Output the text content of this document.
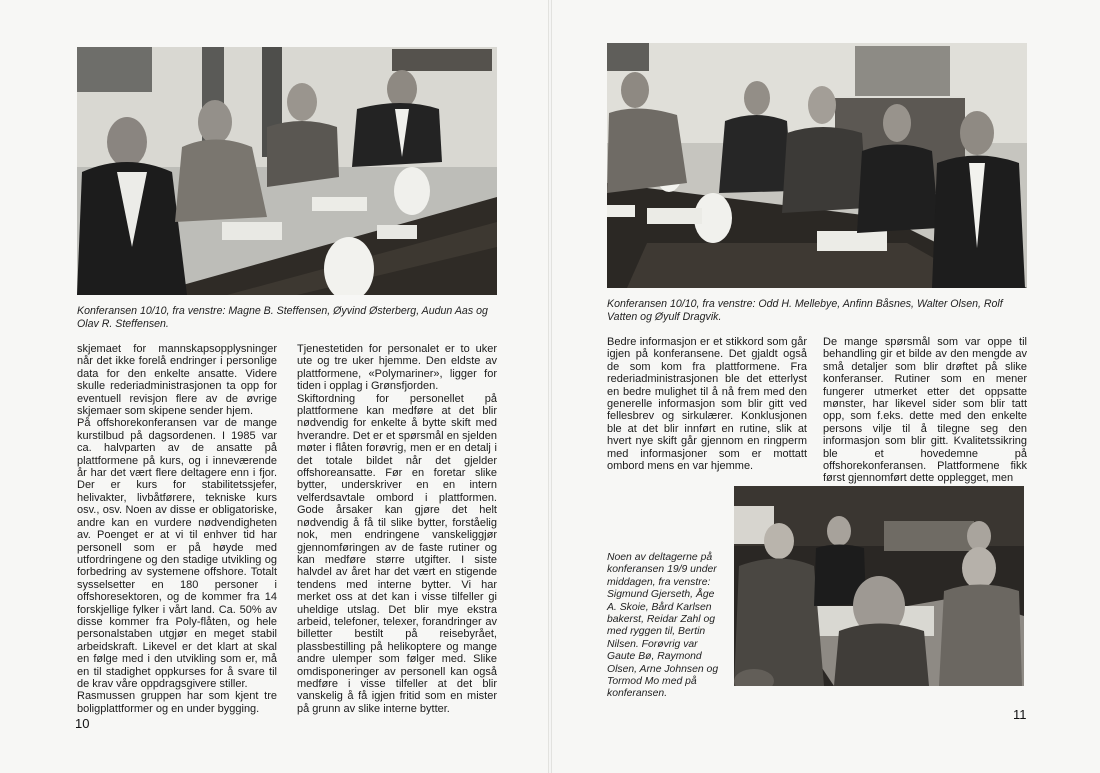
Konferansen 10/10, fra venstre: Magne B. Steffensen, Øyvind Østerberg, Audun Aas og Olav R. Steffensen.

skjemaet for mannskapsopplysninger når det ikke forelå endringer i personlige data for den enkelte ansatte. Videre skulle rederiadministrasjonen ta opp for eventuell revisjon flere av de øvrige skjemaer som skipene sender hjem.

På offshorekonferansen var de mange kurstilbud på dagsordenen. I 1985 var ca. halvparten av de ansatte på plattformene på kurs, og i inneværende år har det vært flere deltagere enn i fjor. Der er kurs for stabilitetssjefer, helivakter, livbåtførere, tekniske kurs osv., osv. Noen av disse er obligatoriske, andre kan en vurdere nødvendigheten av. Poenget er at vi til enhver tid har personell som er på høyde med utfordringene og den stadige utvikling og forbedring av systemene offshore. Totalt sysselsetter en 180 personer i offshoresektoren, og de kommer fra 14 forskjellige fylker i vårt land. Ca. 50% av disse kommer fra Poly-flåten, og hele personalstaben utgjør en meget stabil arbeidskraft. Likevel er det klart at skal en følge med i den utvikling som er, må en til stadighet oppkurses for å svare til de krav våre oppdragsgivere stiller.

Rasmussen gruppen har som kjent tre boligplattformer og en under bygging.

Tjenestetiden for personalet er to uker ute og tre uker hjemme. Den eldste av plattformene, «Polymariner», ligger for tiden i opplag i Grønsfjorden.

Skiftordning for personellet på plattformene kan medføre at det blir nødvendig for enkelte å bytte skift med hverandre. Det er et spørsmål en sjelden møter i flåten forøvrig, men er en detalj i det totale bildet når det gjelder offshoreansatte. Før en foretar slike bytter, underskriver en en intern velferdsavtale ombord i plattformen. Gode årsaker kan gjøre det helt nødvendig å få til slike bytter, forståelig nok, men endringene vanskeliggjør gjennomføringen av de faste rutiner og kan medføre større utgifter. I siste halvdel av året har det vært en stigende tendens med interne bytter. Vi har merket oss at det kan i visse tilfeller gi uheldige utslag. Det blir mye ekstra arbeid, telefoner, telexer, forandringer av billetter bestilt på reisebyrået, plassbestilling på helikoptere og mange andre ulemper som følger med. Slike omdisponeringer av personell kan også medføre i visse tilfeller at det blir vanskelig å få igjen fritid som en mister på grunn av slike interne bytter.

10
Konferansen 10/10, fra venstre: Odd H. Mellebye, Anfinn Båsnes, Walter Olsen, Rolf Vatten og Øyulf Dragvik.

Bedre informasjon er et stikkord som går igjen på konferansene. Det gjaldt også de som kom fra plattformene. Fra rederiadministrasjonen ble det etterlyst en bedre mulighet til å nå frem med den generelle informasjon som blir gitt ved fellesbrev og sirkulærer. Konklusjonen ble at det blir innført en rutine, slik at hvert nye skift går gjennom en ringperm med informasjoner som er mottatt ombord mens en var hjemme.

De mange spørsmål som var oppe til behandling gir et bilde av den mengde av små detaljer som blir drøftet på slike konferanser. Rutiner som en mener fungerer utmerket etter det oppsatte mønster, har likevel sider som blir tatt opp, som f.eks. dette med den enkelte persons vilje til å tilegne seg den informasjon som blir gitt. Kvalitetssikring ble et hovedemne på offshorekonferansen. Plattformene fikk først gjennomført dette opplegget, men

Noen av deltagerne på konferansen 19/9 under middagen, fra venstre: Sigmund Gjerseth, Åge A. Skoie, Bård Karlsen bakerst, Reidar Zahl og med ryggen til, Bertin Nilsen. Forøvrig var Gaute Bø, Raymond Olsen, Arne Johnsen og Tormod Mo med på konferansen.
11
